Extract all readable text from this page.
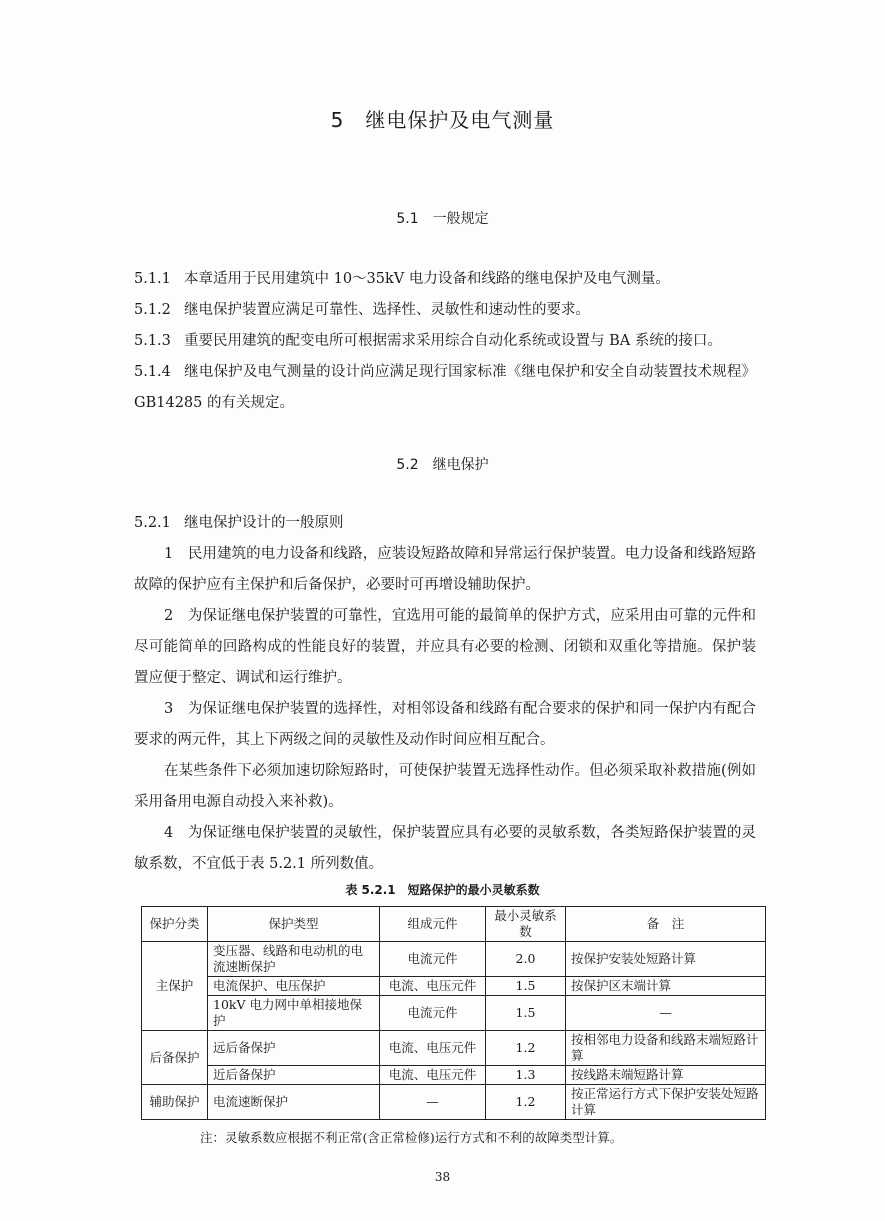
5　继电保护及电气测量
5.1　一般规定
5.1.1 本章适用于民用建筑中 10～35kV 电力设备和线路的继电保护及电气测量。
5.1.2 继电保护装置应满足可靠性、选择性、灵敏性和速动性的要求。
5.1.3 重要民用建筑的配变电所可根据需求采用综合自动化系统或设置与 BA 系统的接口。
5.1.4 继电保护及电气测量的设计尚应满足现行国家标准《继电保护和安全自动装置技术规程》GB14285 的有关规定。
5.2　继电保护
5.2.1 继电保护设计的一般原则
1　民用建筑的电力设备和线路，应装设短路故障和异常运行保护装置。电力设备和线路短路故障的保护应有主保护和后备保护，必要时可再增设辅助保护。
2　为保证继电保护装置的可靠性，宜选用可能的最简单的保护方式，应采用由可靠的元件和尽可能简单的回路构成的性能良好的装置，并应具有必要的检测、闭锁和双重化等措施。保护装置应便于整定、调试和运行维护。
3　为保证继电保护装置的选择性，对相邻设备和线路有配合要求的保护和同一保护内有配合要求的两元件，其上下两级之间的灵敏性及动作时间应相互配合。
在某些条件下必须加速切除短路时，可使保护装置无选择性动作。但必须采取补救措施(例如采用备用电源自动投入来补救)。
4　为保证继电保护装置的灵敏性，保护装置应具有必要的灵敏系数，各类短路保护装置的灵敏系数，不宜低于表 5.2.1 所列数值。
表 5.2.1　短路保护的最小灵敏系数
保护分类	保护类型	组成元件	最小灵敏系数	备　注
主保护	变压器、线路和电动机的电流速断保护	电流元件	2.0	按保护安装处短路计算
	电流保护、电压保护	电流、电压元件	1.5	按保护区末端计算
	10kV 电力网中单相接地保护	电流元件	1.5	—
后备保护	远后备保护	电流、电压元件	1.2	按相邻电力设备和线路末端短路计算
	近后备保护	电流、电压元件	1.3	按线路末端短路计算
辅助保护	电流速断保护	—	1.2	按正常运行方式下保护安装处短路计算
注：灵敏系数应根据不利正常(含正常检修)运行方式和不利的故障类型计算。
38
